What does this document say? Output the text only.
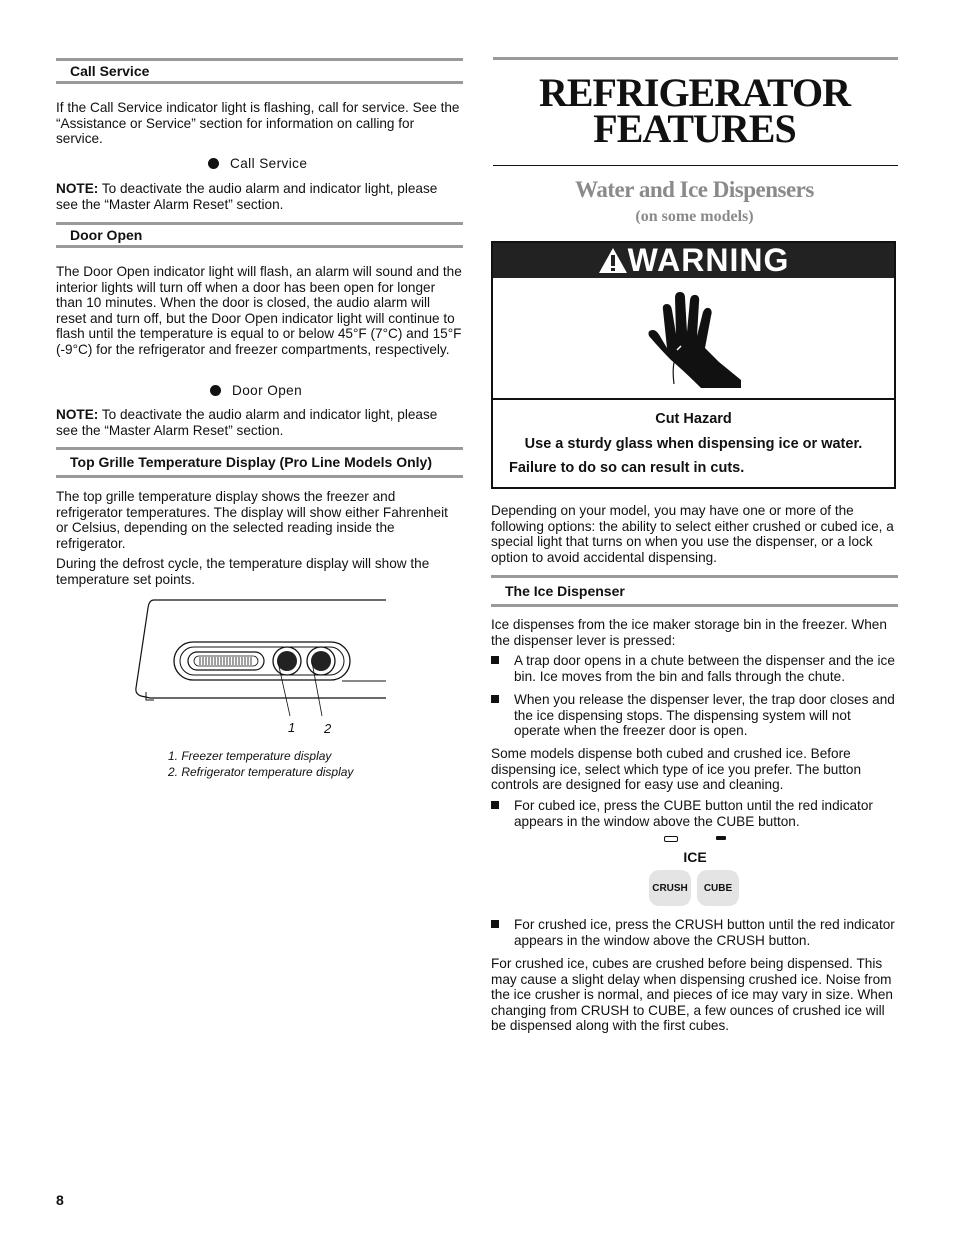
Call Service

If the Call Service indicator light is flashing, call for service. See the “Assistance or Service” section for information on calling for service.

Call Service

NOTE: To deactivate the audio alarm and indicator light, please see the “Master Alarm Reset” section.

Door Open

The Door Open indicator light will flash, an alarm will sound and the interior lights will turn off when a door has been open for longer than 10 minutes. When the door is closed, the audio alarm will reset and turn off, but the Door Open indicator light will continue to flash until the temperature is equal to or below 45°F (7°C) and 15°F (-9°C) for the refrigerator and freezer compartments, respectively.

Door Open

NOTE: To deactivate the audio alarm and indicator light, please see the “Master Alarm Reset” section.

Top Grille Temperature Display (Pro Line Models Only)

The top grille temperature display shows the freezer and refrigerator temperatures. The display will show either Fahrenheit or Celsius, depending on the selected reading inside the refrigerator.

During the defrost cycle, the temperature display will show the temperature set points.

1 2

1. Freezer temperature display

2. Refrigerator temperature display

REFRIGERATOR
FEATURES
Water and Ice Dispensers
(on some models)
WARNING
Cut Hazard
Use a sturdy glass when dispensing ice or water.
Failure to do so can result in cuts.

Depending on your model, you may have one or more of the following options: the ability to select either crushed or cubed ice, a special light that turns on when you use the dispenser, or a lock option to avoid accidental dispensing.

The Ice Dispenser

Ice dispenses from the ice maker storage bin in the freezer. When the dispenser lever is pressed:

A trap door opens in a chute between the dispenser and the ice bin. Ice moves from the bin and falls through the chute.

When you release the dispenser lever, the trap door closes and the ice dispensing stops. The dispensing system will not operate when the freezer door is open.

Some models dispense both cubed and crushed ice. Before dispensing ice, select which type of ice you prefer. The button controls are designed for easy use and cleaning.

For cubed ice, press the CUBE button until the red indicator appears in the window above the CUBE button.

ICE
CRUSH	CUBE

For crushed ice, press the CRUSH button until the red indicator appears in the window above the CRUSH button.

For crushed ice, cubes are crushed before being dispensed. This may cause a slight delay when dispensing crushed ice. Noise from the ice crusher is normal, and pieces of ice may vary in size. When changing from CRUSH to CUBE, a few ounces of crushed ice will be dispensed along with the first cubes.

8
